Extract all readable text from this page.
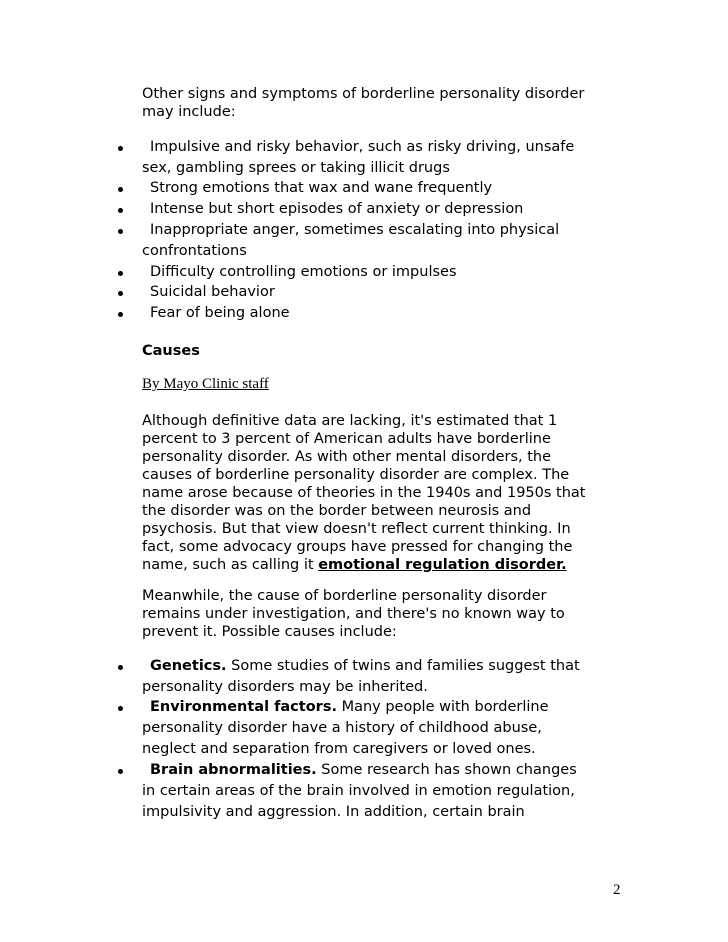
Other signs and symptoms of borderline personality disorder
may include:
Impulsive and risky behavior, such as risky driving, unsafe
sex, gambling sprees or taking illicit drugs
Strong emotions that wax and wane frequently
Intense but short episodes of anxiety or depression
Inappropriate anger, sometimes escalating into physical
confrontations
Difficulty controlling emotions or impulses
Suicidal behavior
Fear of being alone
Causes
By Mayo Clinic staff
Although definitive data are lacking, it's estimated that 1
percent to 3 percent of American adults have borderline
personality disorder. As with other mental disorders, the
causes of borderline personality disorder are complex. The
name arose because of theories in the 1940s and 1950s that
the disorder was on the border between neurosis and
psychosis. But that view doesn't reflect current thinking. In
fact, some advocacy groups have pressed for changing the
name, such as calling it emotional regulation disorder.
Meanwhile, the cause of borderline personality disorder
remains under investigation, and there's no known way to
prevent it. Possible causes include:
Genetics. Some studies of twins and families suggest that
personality disorders may be inherited.
Environmental factors. Many people with borderline
personality disorder have a history of childhood abuse,
neglect and separation from caregivers or loved ones.
Brain abnormalities. Some research has shown changes
in certain areas of the brain involved in emotion regulation,
impulsivity and aggression. In addition, certain brain
2
